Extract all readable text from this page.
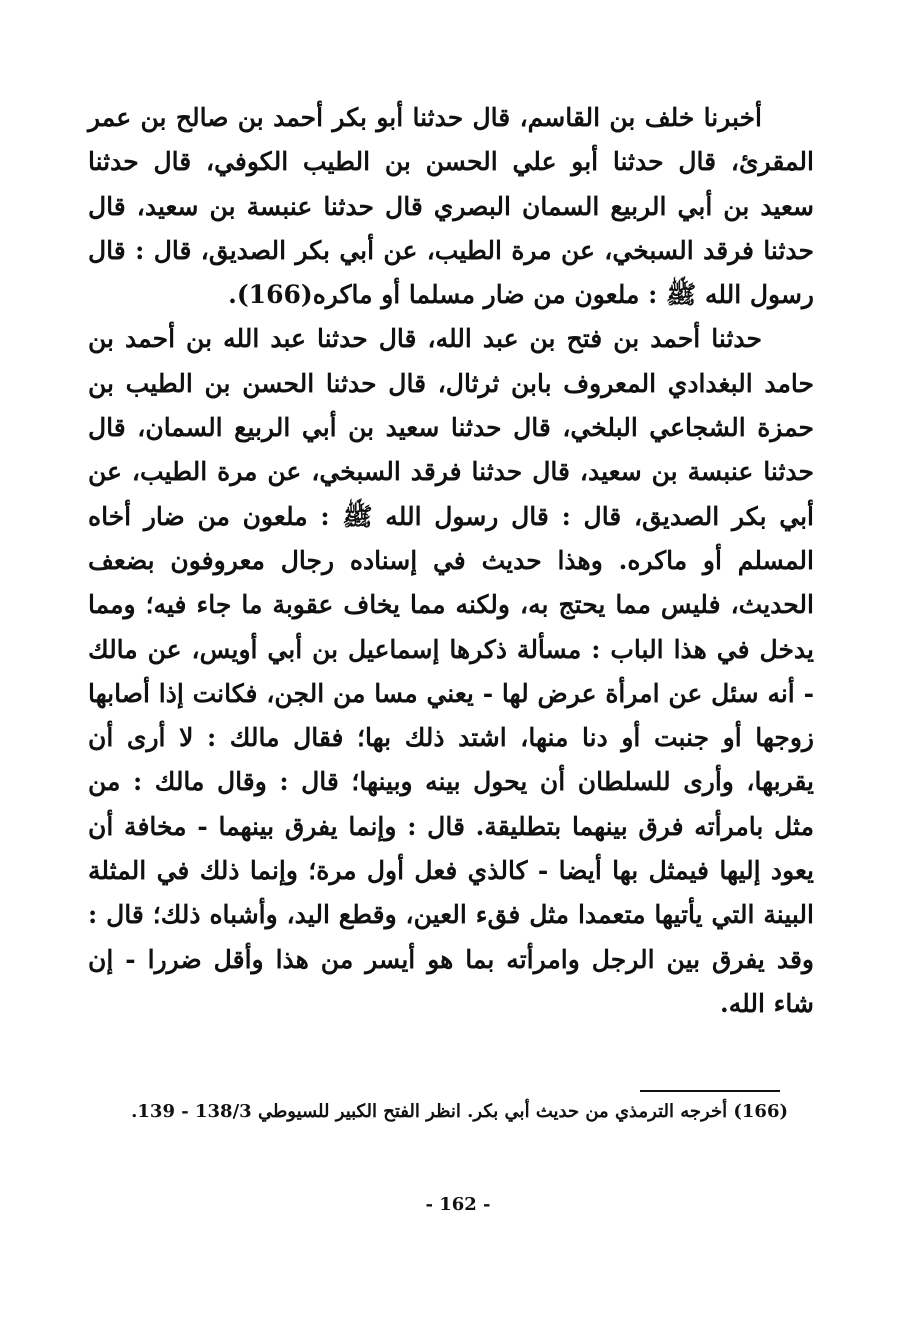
أخبرنا خلف بن القاسم، قال حدثنا أبو بكر أحمد بن صالح بن عمر المقرئ، قال حدثنا أبو علي الحسن بن الطيب الكوفي، قال حدثنا سعيد بن أبي الربيع السمان البصري قال حدثنا عنبسة بن سعيد، قال حدثنا فرقد السبخي، عن مرة الطيب، عن أبي بكر الصديق، قال : قال رسول الله ﷺ : ملعون من ضار مسلما أو ماكره(166).

حدثنا أحمد بن فتح بن عبد الله، قال حدثنا عبد الله بن أحمد بن حامد البغدادي المعروف بابن ثرثال، قال حدثنا الحسن بن الطيب بن حمزة الشجاعي البلخي، قال حدثنا سعيد بن أبي الربيع السمان، قال حدثنا عنبسة بن سعيد، قال حدثنا فرقد السبخي، عن مرة الطيب، عن أبي بكر الصديق، قال : قال رسول الله ﷺ : ملعون من ضار أخاه المسلم أو ماكره. وهذا حديث في إسناده رجال معروفون بضعف الحديث، فليس مما يحتج به، ولكنه مما يخاف عقوبة ما جاء فيه؛ ومما يدخل في هذا الباب : مسألة ذكرها إسماعيل بن أبي أويس، عن مالك - أنه سئل عن امرأة عرض لها - يعني مسا من الجن، فكانت إذا أصابها زوجها أو جنبت أو دنا منها، اشتد ذلك بها؛ فقال مالك : لا أرى أن يقربها، وأرى للسلطان أن يحول بينه وبينها؛ قال : وقال مالك : من مثل بامرأته فرق بينهما بتطليقة. قال : وإنما يفرق بينهما - مخافة أن يعود إليها فيمثل بها أيضا - كالذي فعل أول مرة؛ وإنما ذلك في المثلة البينة التي يأتيها متعمدا مثل فقء العين، وقطع اليد، وأشباه ذلك؛ قال : وقد يفرق بين الرجل وامرأته بما هو أيسر من هذا وأقل ضررا - إن شاء الله.

(166) أخرجه الترمذي من حديث أبي بكر. انظر الفتح الكبير للسيوطي 138/3 - 139.
- 162 -
